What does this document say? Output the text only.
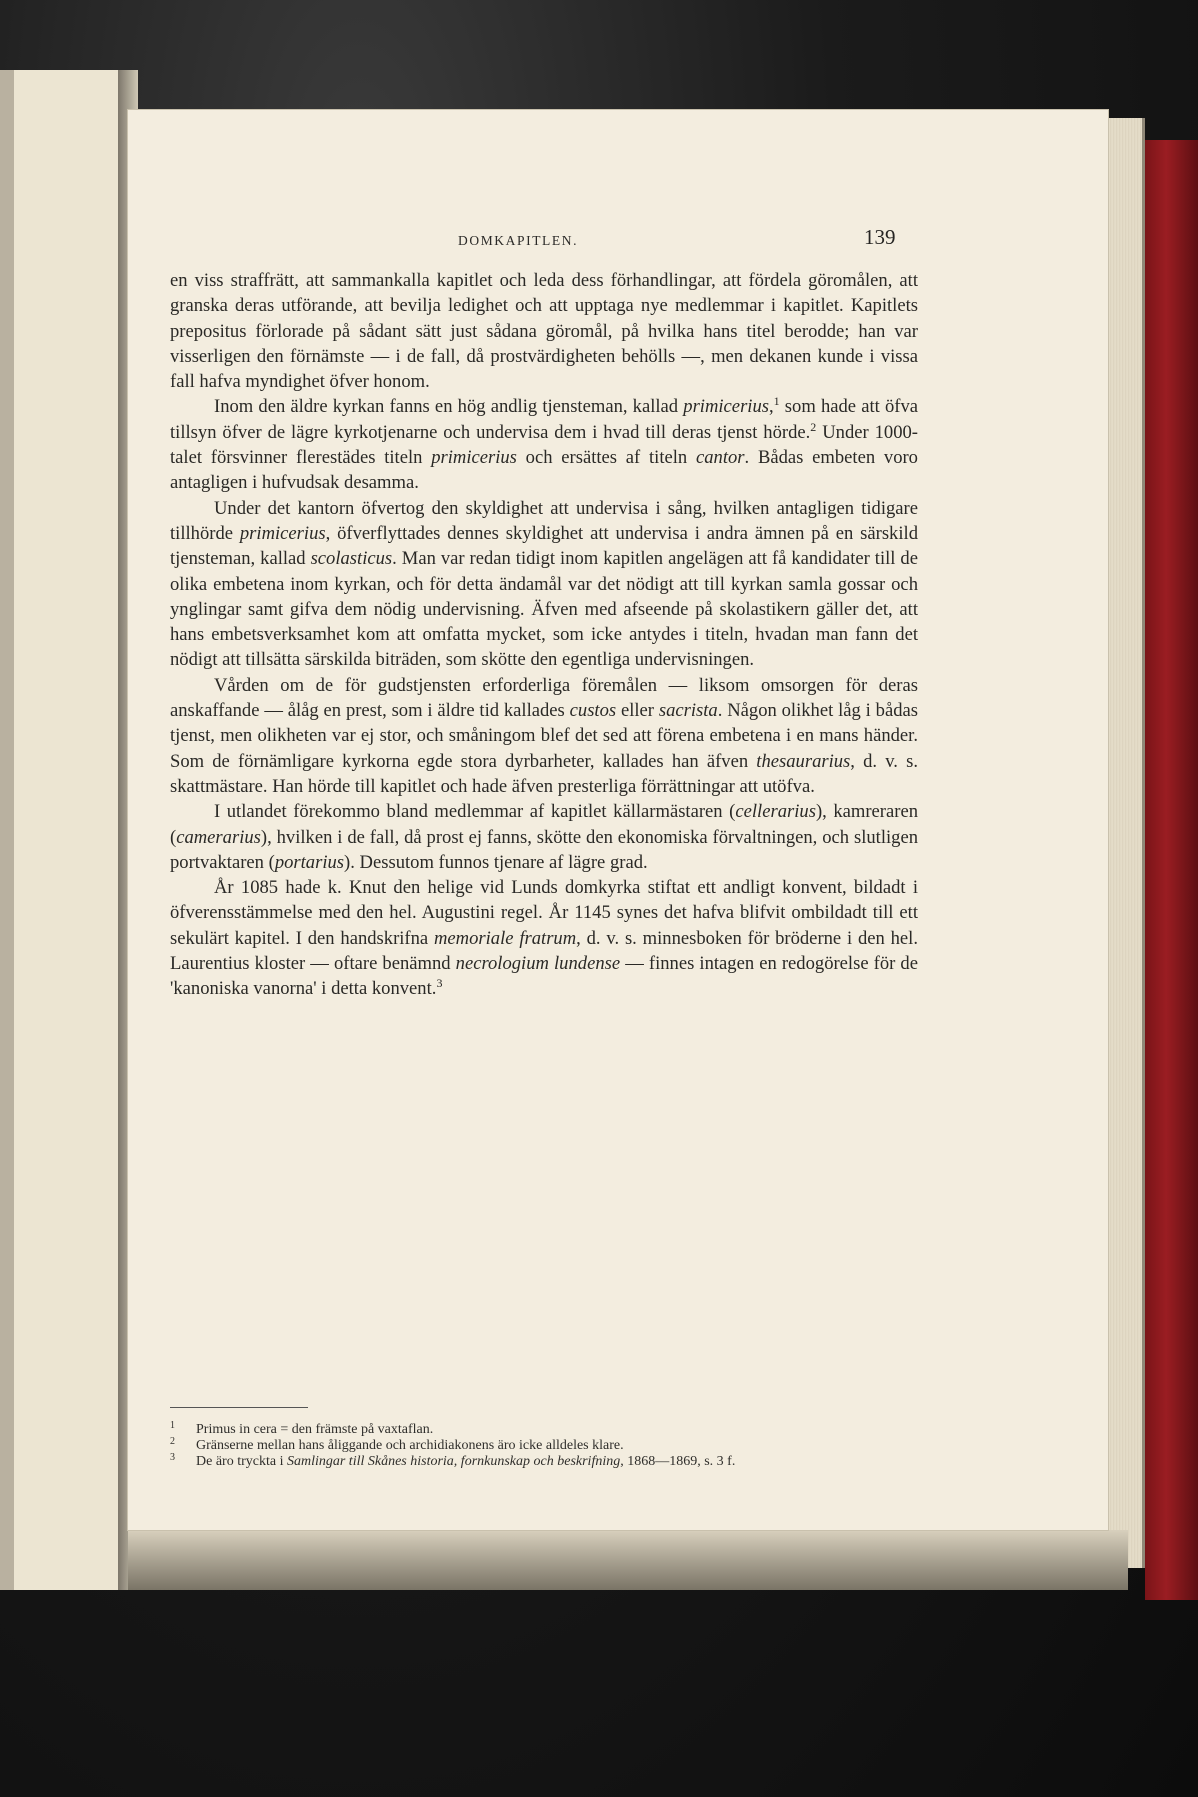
DOMKAPITLEN.	139

en viss straffrätt, att sammankalla kapitlet och leda dess förhandlingar, att fördela göromålen, att granska deras utförande, att bevilja ledighet och att upptaga nye medlemmar i kapitlet. Kapitlets prepositus förlorade på sådant sätt just sådana göromål, på hvilka hans titel berodde; han var visserligen den förnämste — i de fall, då prostvärdigheten behölls —, men dekanen kunde i vissa fall hafva myndighet öfver honom.

Inom den äldre kyrkan fanns en hög andlig tjensteman, kallad primicerius,$^1$ som hade att öfva tillsyn öfver de lägre kyrkotjenarne och undervisa dem i hvad till deras tjenst hörde.$^2$ Under 1000-talet försvinner flerestädes titeln primicerius och ersättes af titeln cantor. Bådas embeten voro antagligen i hufvudsak desamma.

Under det kantorn öfvertog den skyldighet att undervisa i sång, hvilken antagligen tidigare tillhörde primicerius, öfverflyttades dennes skyldighet att undervisa i andra ämnen på en särskild tjensteman, kallad scolasticus. Man var redan tidigt inom kapitlen angelägen att få kandidater till de olika embetena inom kyrkan, och för detta ändamål var det nödigt att till kyrkan samla gossar och ynglingar samt gifva dem nödig undervisning. Äfven med afseende på skolastikern gäller det, att hans embetsverksamhet kom att omfatta mycket, som icke antydes i titeln, hvadan man fann det nödigt att tillsätta särskilda biträden, som skötte den egentliga undervisningen.

Vården om de för gudstjensten erforderliga föremålen — liksom omsorgen för deras anskaffande — ålåg en prest, som i äldre tid kallades custos eller sacrista. Någon olikhet låg i bådas tjenst, men olikheten var ej stor, och småningom blef det sed att förena embetena i en mans händer. Som de förnämligare kyrkorna egde stora dyrbarheter, kallades han äfven thesaurarius, d. v. s. skattmästare. Han hörde till kapitlet och hade äfven presterliga förrättningar att utöfva.

I utlandet förekommo bland medlemmar af kapitlet källarmästaren (cellerarius), kamreraren (camerarius), hvilken i de fall, då prost ej fanns, skötte den ekonomiska förvaltningen, och slutligen portvaktaren (portarius). Dessutom funnos tjenare af lägre grad.

År 1085 hade k. Knut den helige vid Lunds domkyrka stiftat ett andligt konvent, bildadt i öfverensstämmelse med den hel. Augustini regel. År 1145 synes det hafva blifvit ombildadt till ett sekulärt kapitel. I den handskrifna memoriale fratrum, d. v. s. minnesboken för bröderne i den hel. Laurentius kloster — oftare benämnd necrologium lundense — finnes intagen en redogörelse för de 'kanoniska vanorna' i detta konvent.$^3$

1	Primus in cera = den främste på vaxtaflan.
2	Gränserne mellan hans åliggande och archidiakonens äro icke alldeles klare.
3	De äro tryckta i Samlingar till Skånes historia, fornkunskap och beskrifning, 1868—1869, s. 3 f.
